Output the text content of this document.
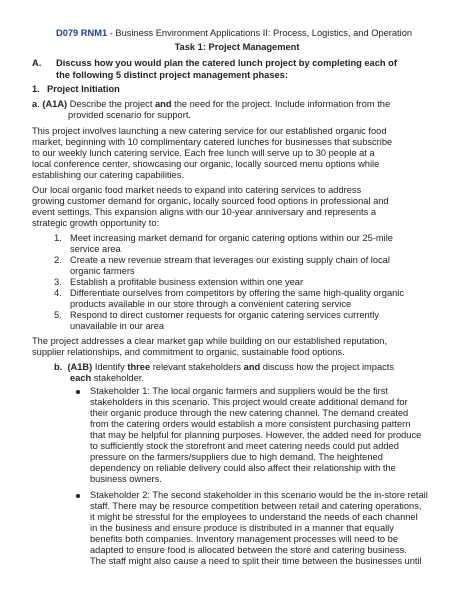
D079 RNM1 - Business Environment Applications II: Process, Logistics, and Operation
Task 1: Project Management
A. Discuss how you would plan the catered lunch project by completing each of
the following 5 distinct project management phases:
1. Project Initiation
a. (A1A) Describe the project and the need for the project. Include information from the
provided scenario for support.
This project involves launching a new catering service for our established organic food
market, beginning with 10 complimentary catered lunches for businesses that subscribe
to our weekly lunch catering service. Each free lunch will serve up to 30 people at a
local conference center, showcasing our organic, locally sourced menu options while
establishing our catering capabilities.
Our local organic food market needs to expand into catering services to address
growing customer demand for organic, locally sourced food options in professional and
event settings. This expansion aligns with our 10-year anniversary and represents a
strategic growth opportunity to:
1. Meet increasing market demand for organic catering options within our 25-mile
service area
2. Create a new revenue stream that leverages our existing supply chain of local
organic farmers
3. Establish a profitable business extension within one year
4. Differentiate ourselves from competitors by offering the same high-quality organic
products available in our store through a convenient catering service
5. Respond to direct customer requests for organic catering services currently
unavailable in our area
The project addresses a clear market gap while building on our established reputation,
supplier relationships, and commitment to organic, sustainable food options.
b. (A1B) Identify three relevant stakeholders and discuss how the project impacts
each stakeholder.
Stakeholder 1: The local organic farmers and suppliers would be the first
stakeholders in this scenario. This project would create additional demand for
their organic produce through the new catering channel. The demand created
from the catering orders would establish a more consistent purchasing pattern
that may be helpful for planning purposes. However, the added need for produce
to sufficiently stock the storefront and meet catering needs could put added
pressure on the farmers/suppliers due to high demand. The heightened
dependency on reliable delivery could also affect their relationship with the
business owners.
Stakeholder 2: The second stakeholder in this scenario would be the in-store retail
staff. There may be resource competition between retail and catering operations,
it might be stressful for the employees to understand the needs of each channel
in the business and ensure produce is distributed in a manner that equally
benefits both companies. Inventory management processes will need to be
adapted to ensure food is allocated between the store and catering business.
The staff might also cause a need to split their time between the businesses until
